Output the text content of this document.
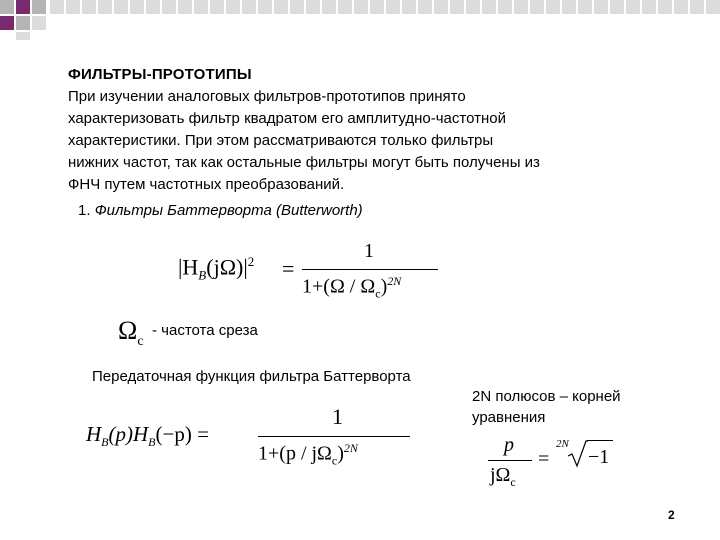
ФИЛЬТРЫ-ПРОТОТИПЫ
При изучении аналоговых фильтров-прототипов принято
характеризовать фильтр квадратом его амплитудно-частотной
характеристики. При этом рассматриваются только фильтры
нижних частот, так как остальные фильтры могут быть получены из
ФНЧ путем частотных преобразований.
1. Фильтры Баттерворта (Butterworth)
$|H_B(j\Omega)|^2$ =
1
$1+(\Omega / \Omega_c)^{2N}$
$\Omega_c$
- частота среза
Передаточная функция фильтра Баттерворта
$H_B(p)H_B(-p)$ =
1
$1+(p / j\Omega_c)^{2N}$
2N полюсов – корней
уравнения
p
$j\Omega_c$
=
2N
−1
2
